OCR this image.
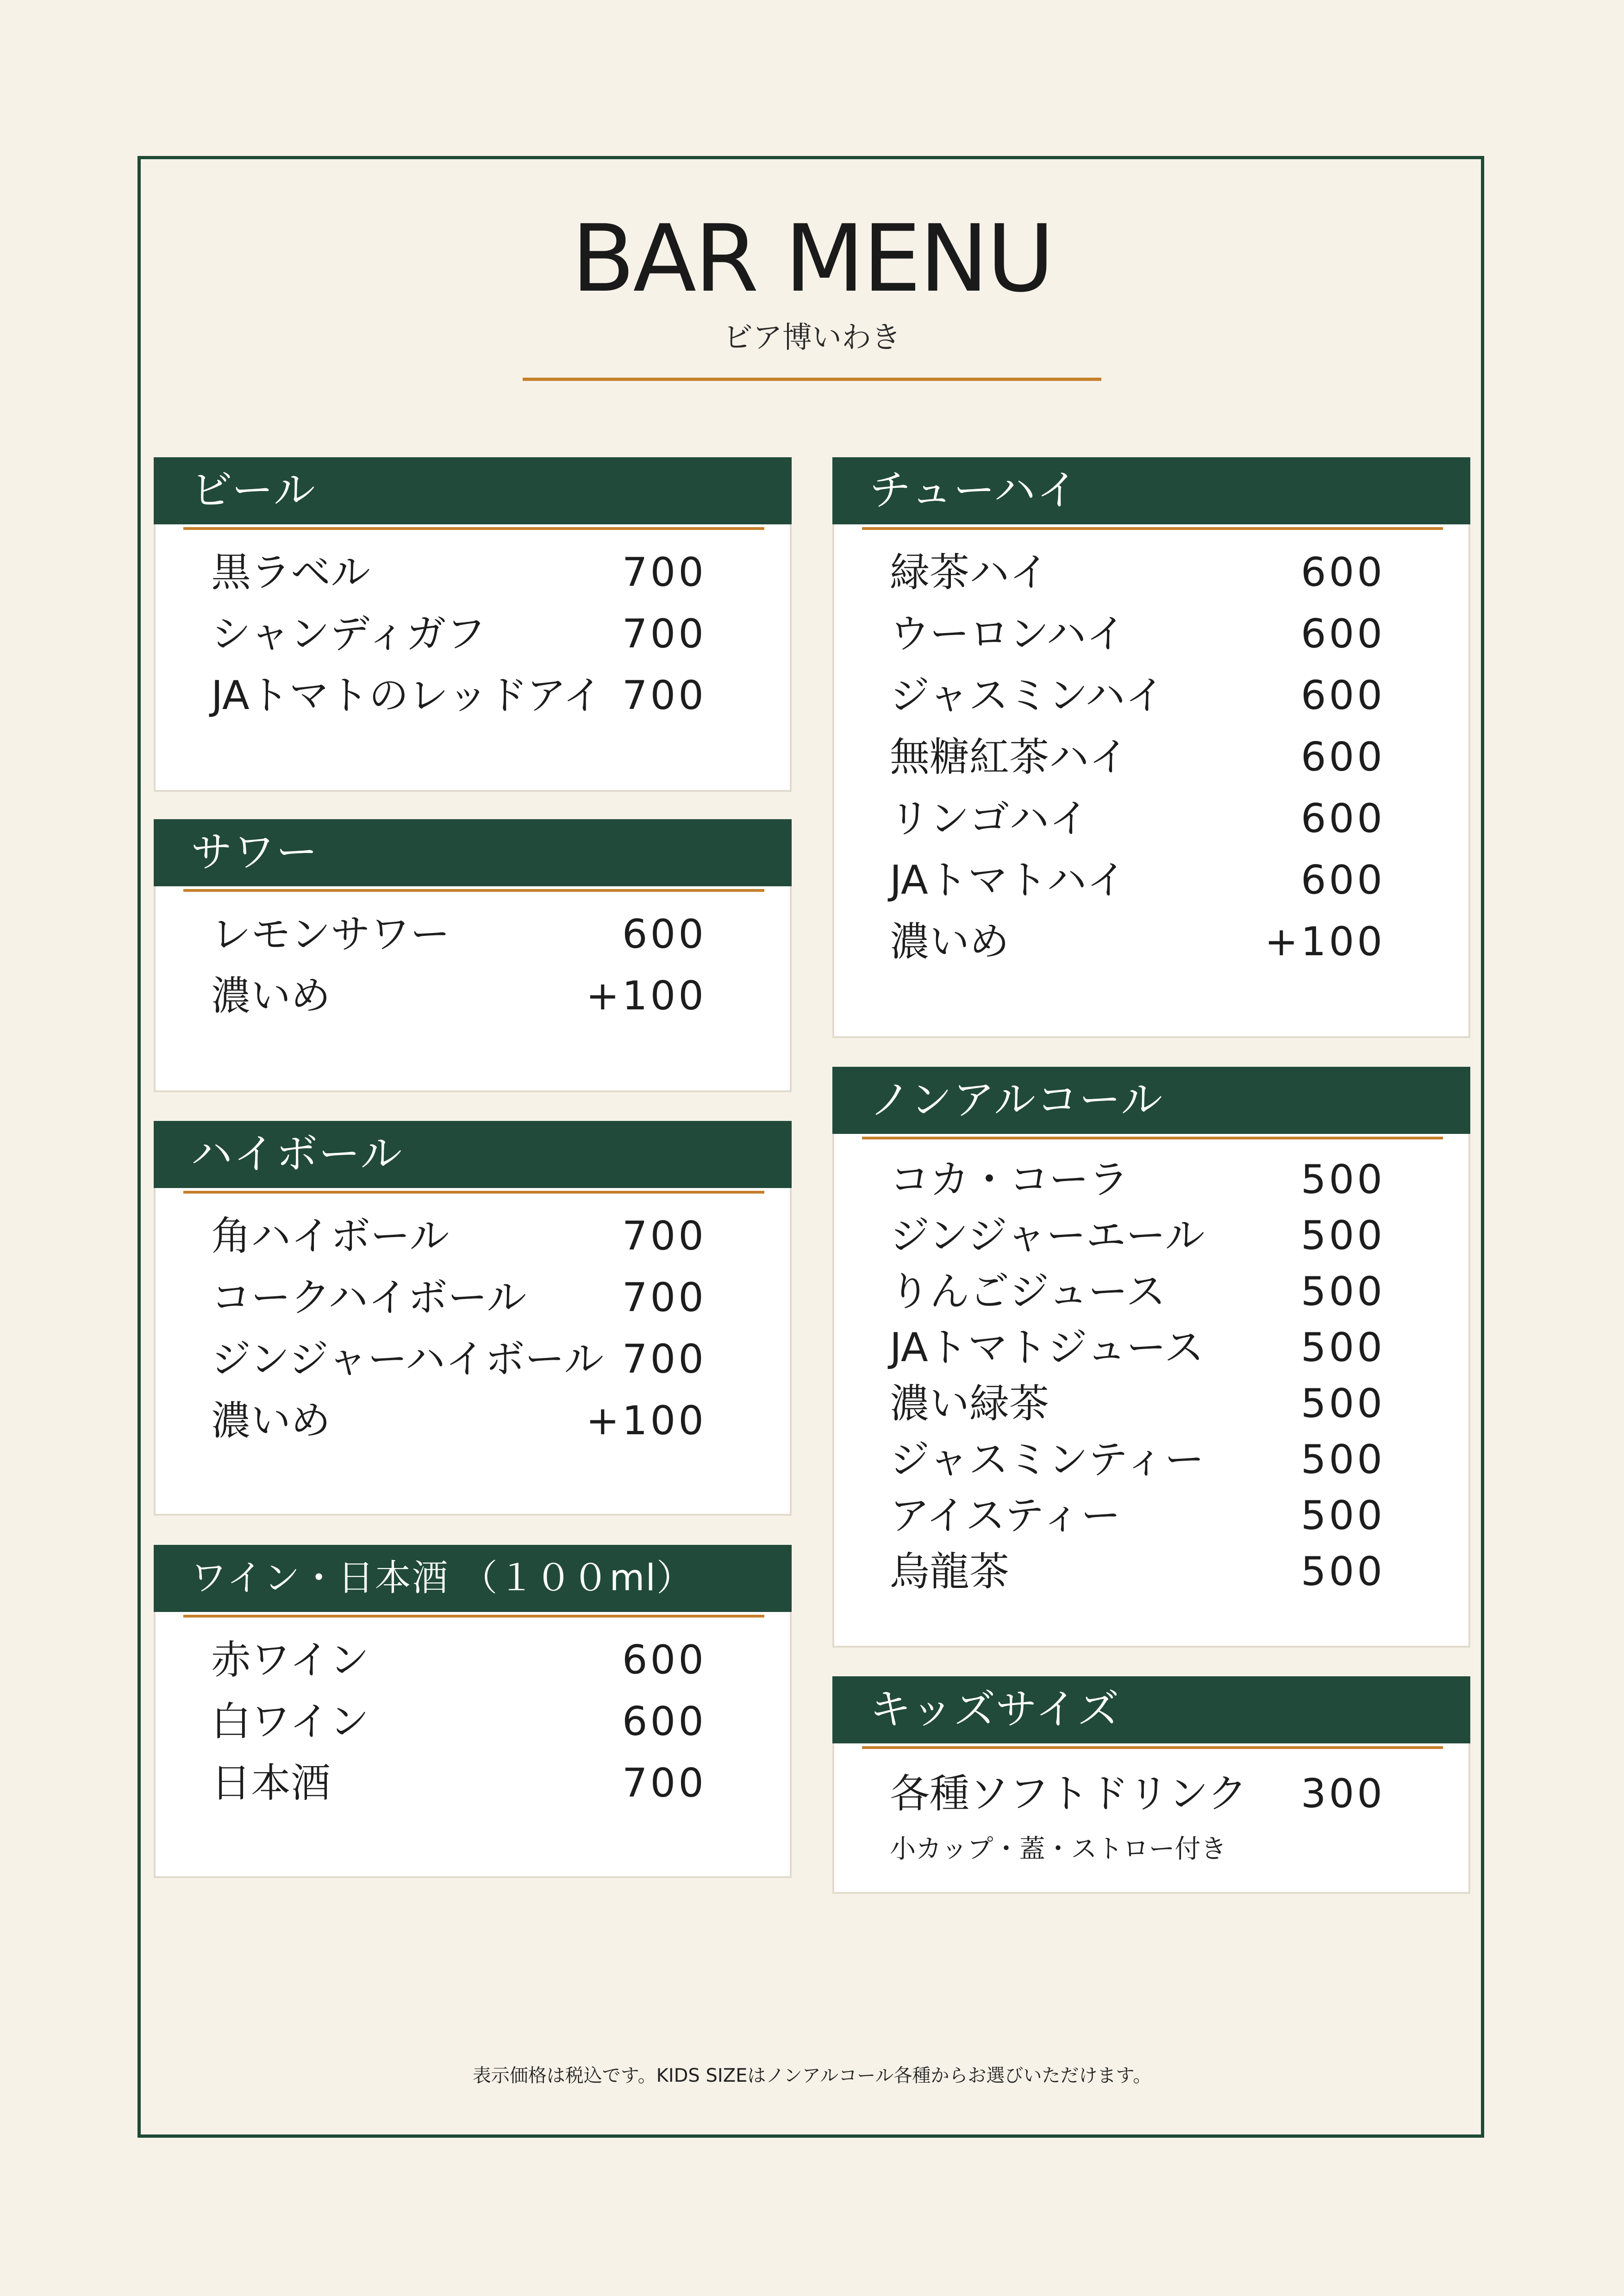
BAR MENU
ビア博いわき
ビール
黒ラベル	700
シャンディガフ	700
JAトマトのレッドアイ 700
サワー
レモンサワー	600
濃いめ	+100
ハイボール
角ハイボール	700
コークハイボール 700
ジンジャーハイボール 700
濃いめ	+100
ワイン・日本酒 （１００ml）
赤ワイン	600
白ワイン	600
日本酒	700
チューハイ
緑茶ハイ	600
ウーロンハイ	600
ジャスミンハイ	600
無糖紅茶ハイ	600
リンゴハイ	600
JAトマトハイ	600
濃いめ	+100
ノンアルコール
コカ・コーラ	500
ジンジャーエール 500
りんごジュース	500
JAトマトジュース 500
濃い緑茶	500
ジャスミンティー 500
アイスティー	500
烏龍茶	500
キッズサイズ
各種ソフトドリンク 300
小カップ・蓋・ストロー付き
表示価格は税込です。KIDS SIZEはノンアルコール各種からお選びいただけます。
